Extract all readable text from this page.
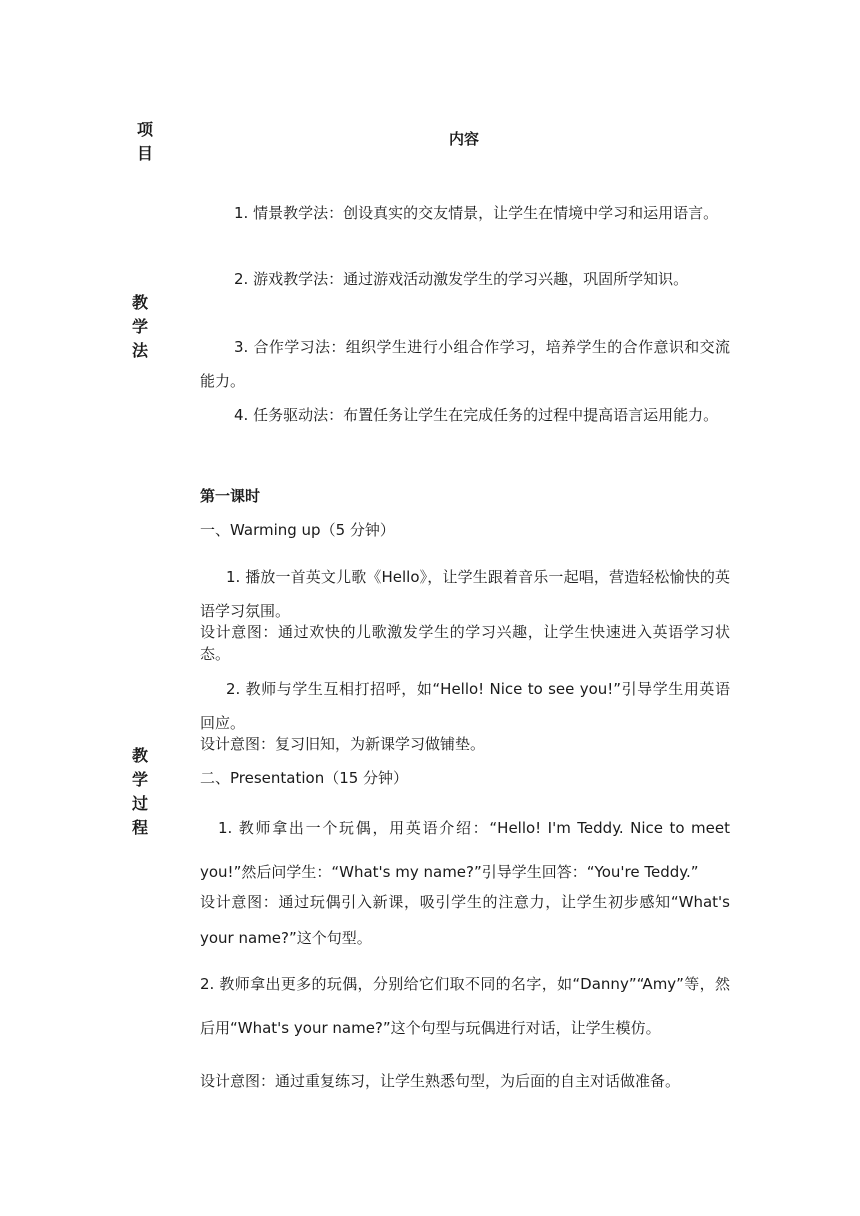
项
目
内容
教
学
法
1. 情景教学法：创设真实的交友情景，让学生在情境中学习和运用语言。
2. 游戏教学法：通过游戏活动激发学生的学习兴趣，巩固所学知识。
3. 合作学习法：组织学生进行小组合作学习，培养学生的合作意识和交流能力。
4. 任务驱动法：布置任务让学生在完成任务的过程中提高语言运用能力。
教
学
过
程
第一课时
一、Warming up（5 分钟）
1. 播放一首英文儿歌《Hello》，让学生跟着音乐一起唱，营造轻松愉快的英语学习氛围。
设计意图：通过欢快的儿歌激发学生的学习兴趣，让学生快速进入英语学习状态。
2. 教师与学生互相打招呼，如“Hello! Nice to see you!”引导学生用英语回应。
设计意图：复习旧知，为新课学习做铺垫。
二、Presentation（15 分钟）
1. 教师拿出一个玩偶，用英语介绍：“Hello! I'm Teddy. Nice to meet you!”然后问学生：“What's my name?”引导学生回答：“You're Teddy.”
设计意图：通过玩偶引入新课，吸引学生的注意力，让学生初步感知“What's your name?”这个句型。
2. 教师拿出更多的玩偶，分别给它们取不同的名字，如“Danny”“Amy”等，然后用“What's your name?”这个句型与玩偶进行对话，让学生模仿。
设计意图：通过重复练习，让学生熟悉句型，为后面的自主对话做准备。
